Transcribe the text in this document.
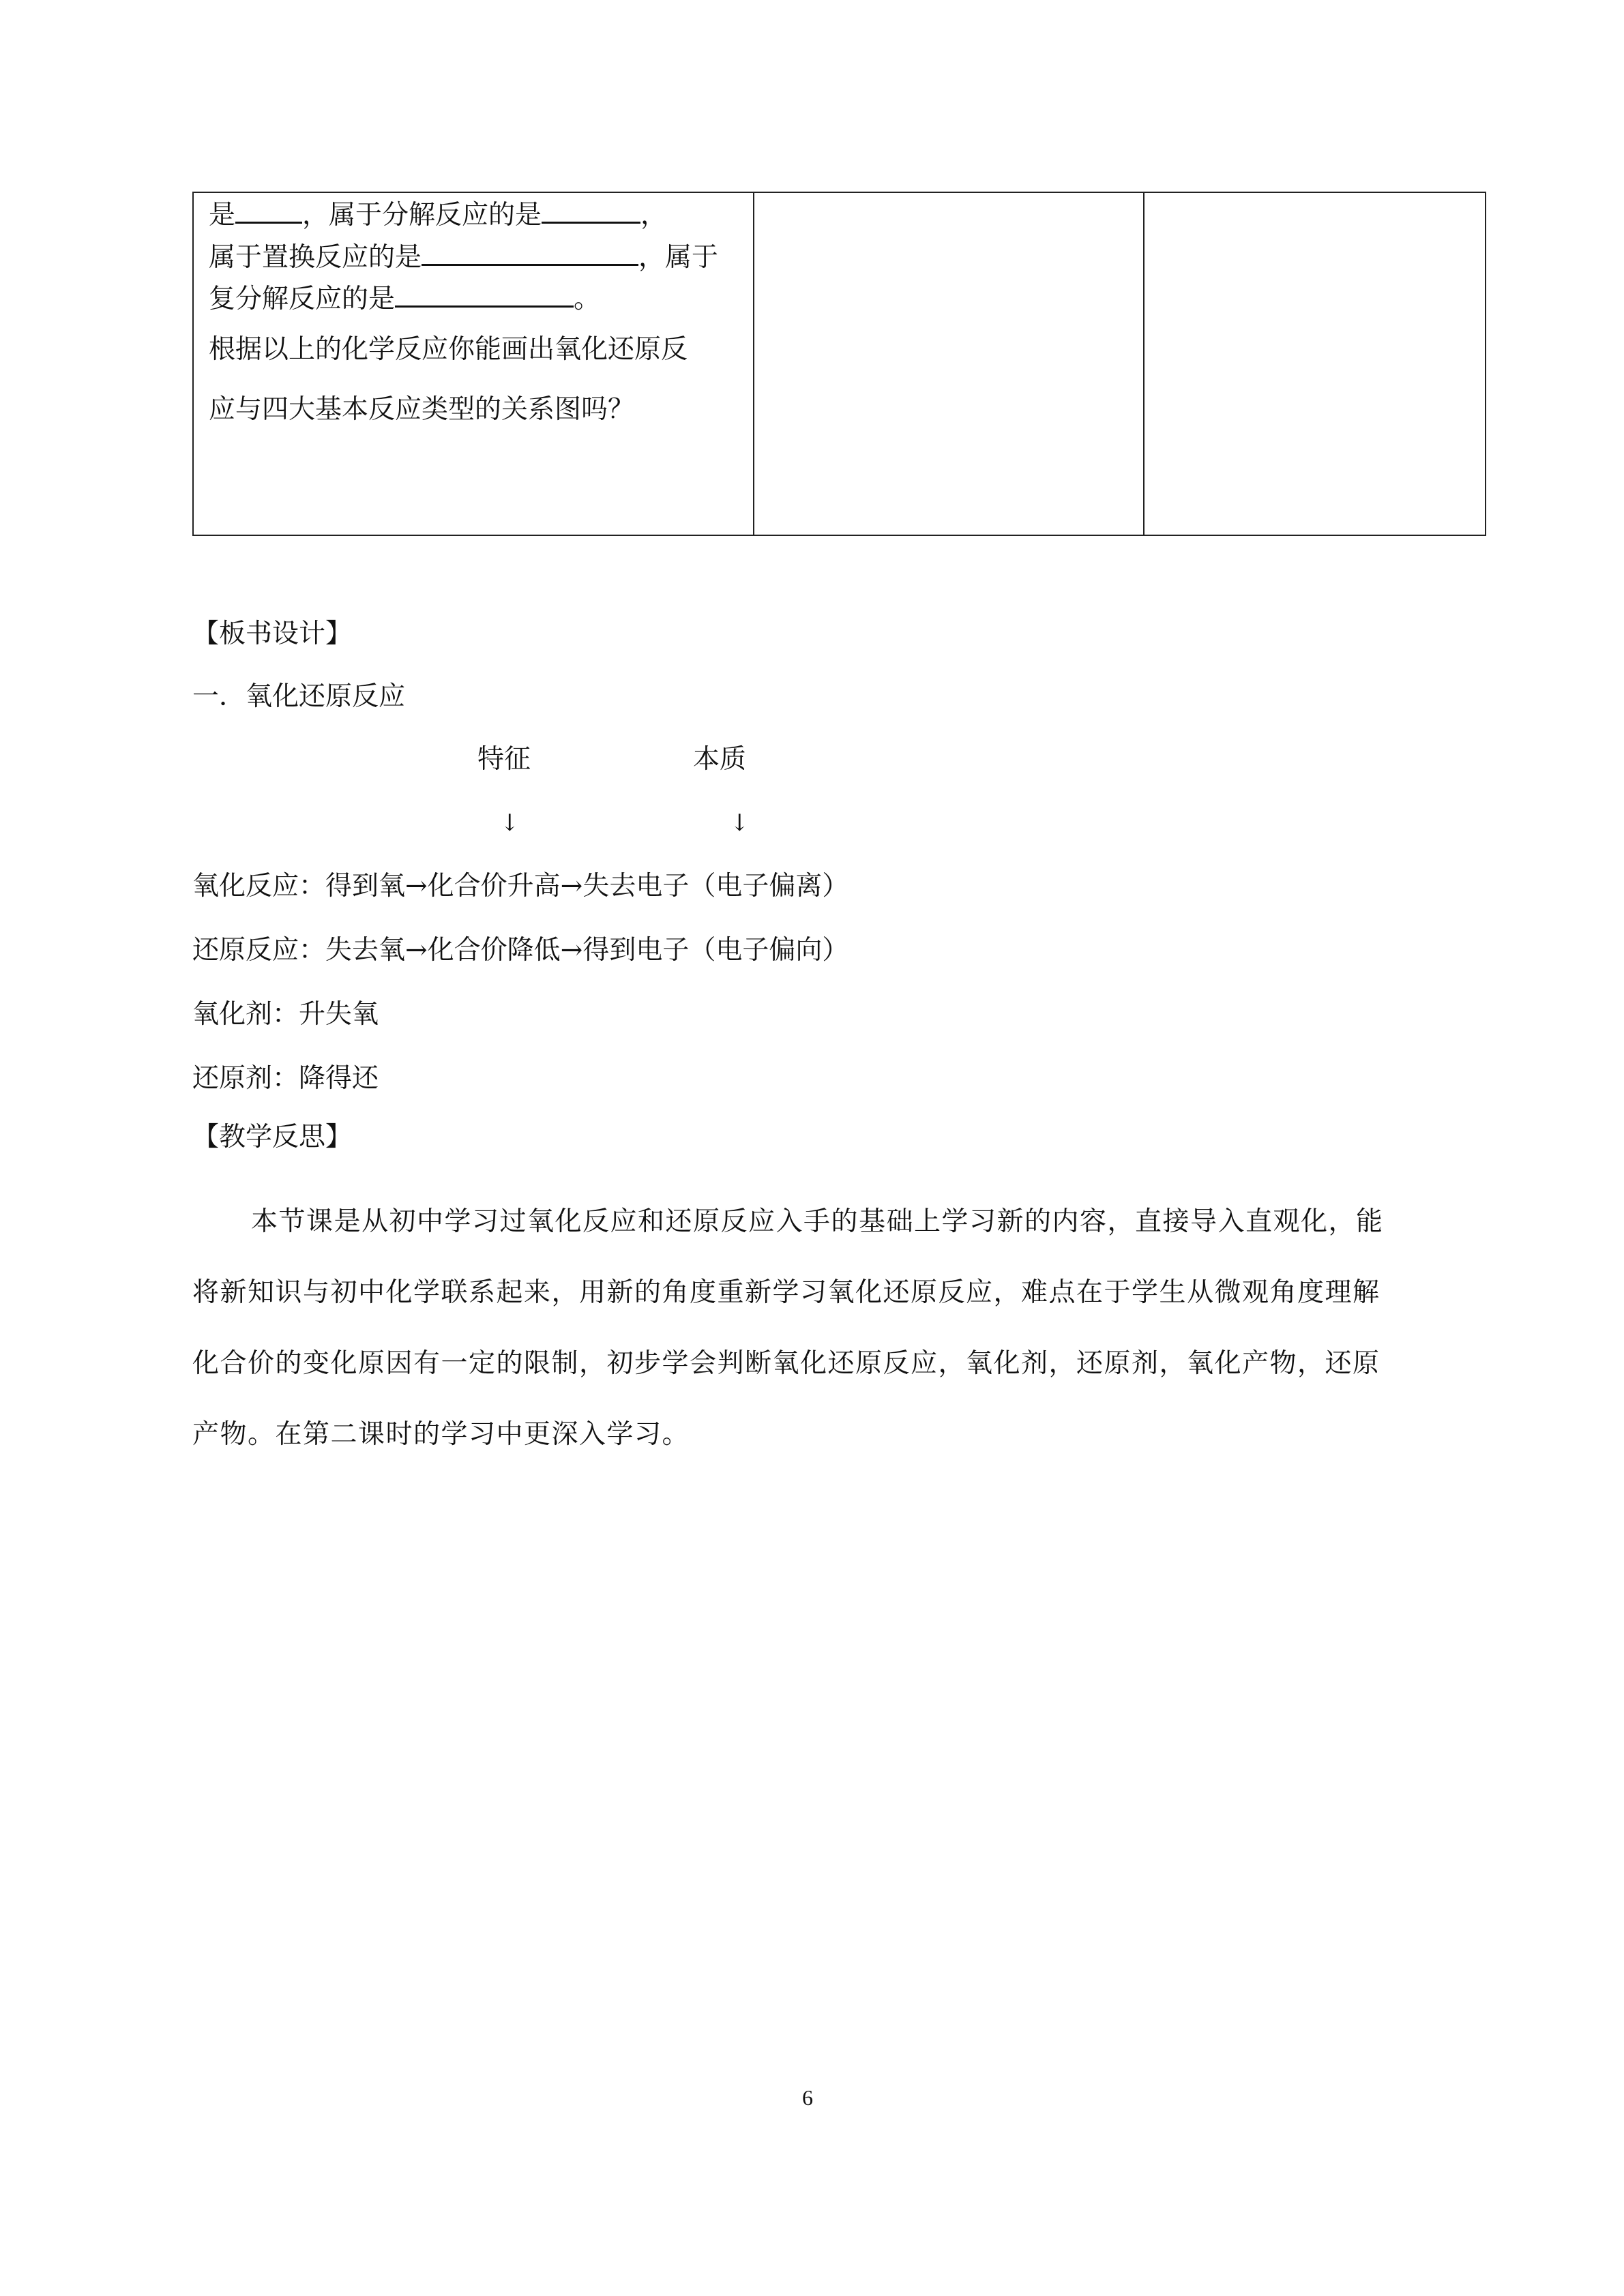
是	，属于分解反应的是	，
属于置换反应的是	，属于
复分解反应的是	。
根据以上的化学反应你能画出氧化还原反
应与四大基本反应类型的关系图吗？
【板书设计】
一．氧化还原反应
特征	本质
↓	↓
氧化反应：得到氧→化合价升高→失去电子（电子偏离）
还原反应：失去氧→化合价降低→得到电子（电子偏向）
氧化剂：升失氧
还原剂：降得还
【教学反思】
本节课是从初中学习过氧化反应和还原反应入手的基础上学习新的内容，直接导入直观化，能
将新知识与初中化学联系起来，用新的角度重新学习氧化还原反应，难点在于学生从微观角度理解
化合价的变化原因有一定的限制，初步学会判断氧化还原反应，氧化剂，还原剂，氧化产物，还原
产物。在第二课时的学习中更深入学习。
6
